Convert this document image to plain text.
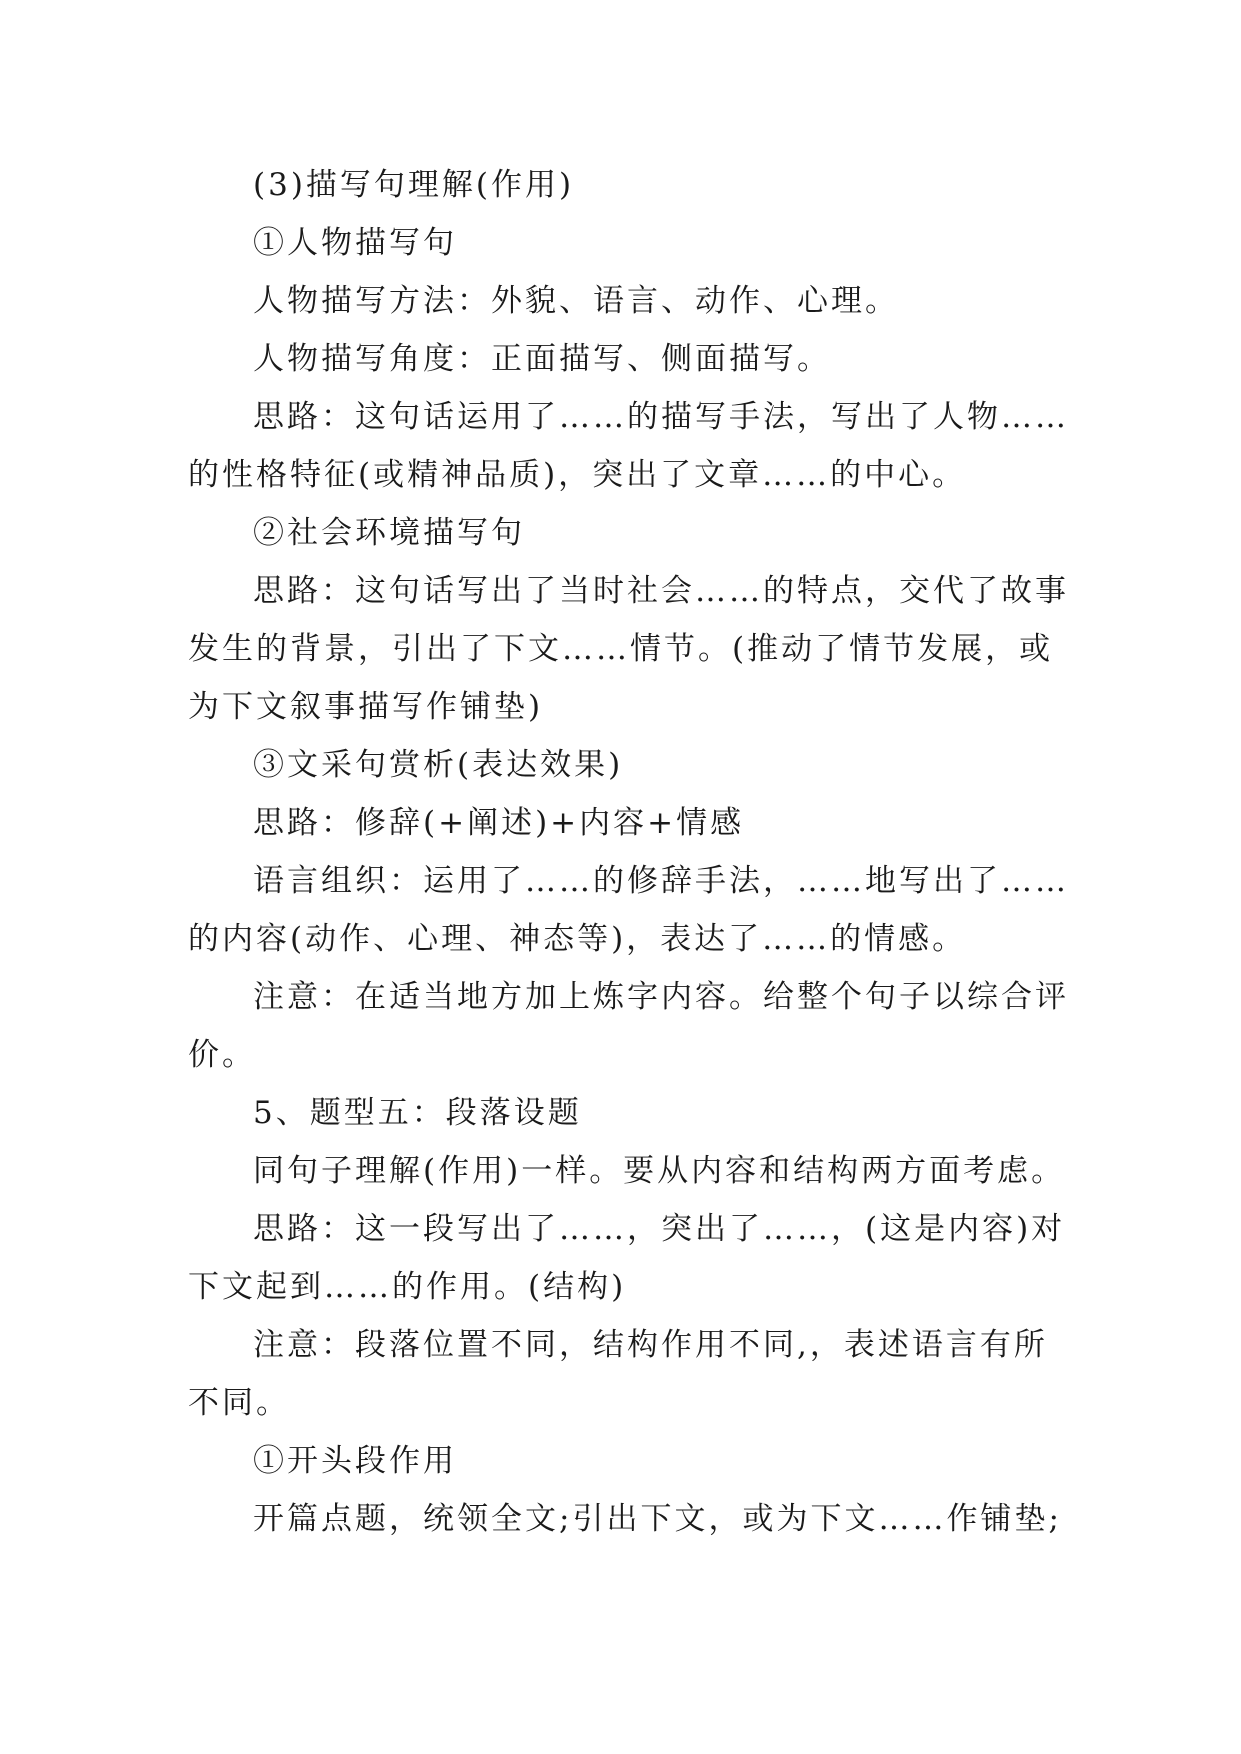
(3)描写句理解(作用)
①人物描写句
人物描写方法：外貌、语言、动作、心理。
人物描写角度：正面描写、侧面描写。
思路：这句话运用了……的描写手法，写出了人物……
的性格特征(或精神品质)，突出了文章……的中心。
②社会环境描写句
思路：这句话写出了当时社会……的特点，交代了故事
发生的背景，引出了下文……情节。(推动了情节发展，或
为下文叙事描写作铺垫)
③文采句赏析(表达效果)
思路：修辞(+阐述)+内容+情感
语言组织：运用了……的修辞手法，……地写出了……
的内容(动作、心理、神态等)，表达了……的情感。
注意：在适当地方加上炼字内容。给整个句子以综合评
价。
5、题型五：段落设题
同句子理解(作用)一样。要从内容和结构两方面考虑。
思路：这一段写出了……，突出了……，(这是内容)对
下文起到……的作用。(结构)
注意：段落位置不同，结构作用不同,，表述语言有所
不同。
①开头段作用
开篇点题，统领全文;引出下文，或为下文……作铺垫;
